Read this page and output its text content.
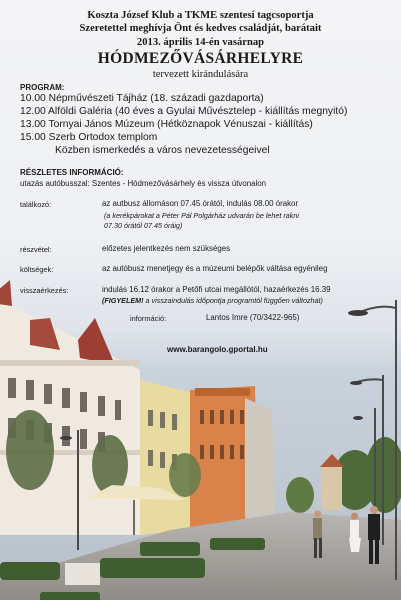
Koszta József Klub a TKME szentesi tagcsoportja
Szeretettel meghívja Önt és kedves családját, barátait
2013. április 14-én vasárnap
HÓDMEZŐVÁSÁRHELYRE
tervezett kirándulására
PROGRAM:
10.00 Népművészeti Tájház (18. századi gazdaporta)
12.00 Alföldi Galéria (40 éves a Gyulai Művésztelep - kiállítás megnyitó)
13.00 Tornyai János Múzeum (Hétköznapok Vénuszai - kiállítás)
15.00 Szerb Ortodox templom
Közben ismerkedés a város nevezetességeivel
RÉSZLETES INFORMÁCIÓ:
utazás autóbusszal: Szentes - Hódmezővásárhely és vissza útvonalon
találkozó:	az autbusz állomáson 07.45 órától, indulás 08.00 órakor
(a kerékpárokat a Péter Pál Polgárház udvarán be lehet rakni
07.30 órától 07.45 óráig)
részvétel:	előzetes jelentkezés nem szükséges
költségek:	az autóbusz menetjegy és a múzeumi belépők váltása egyénileg
visszaérkezés:	indulás 16.12 órakor a Petőfi utcai megállótól, hazaérkezés 16.39
(FIGYELEM! a visszaindulás időpontja programtól függően változhat)
információ:	Lantos Imre (70/3422-965)
www.barangolo.gportal.hu
